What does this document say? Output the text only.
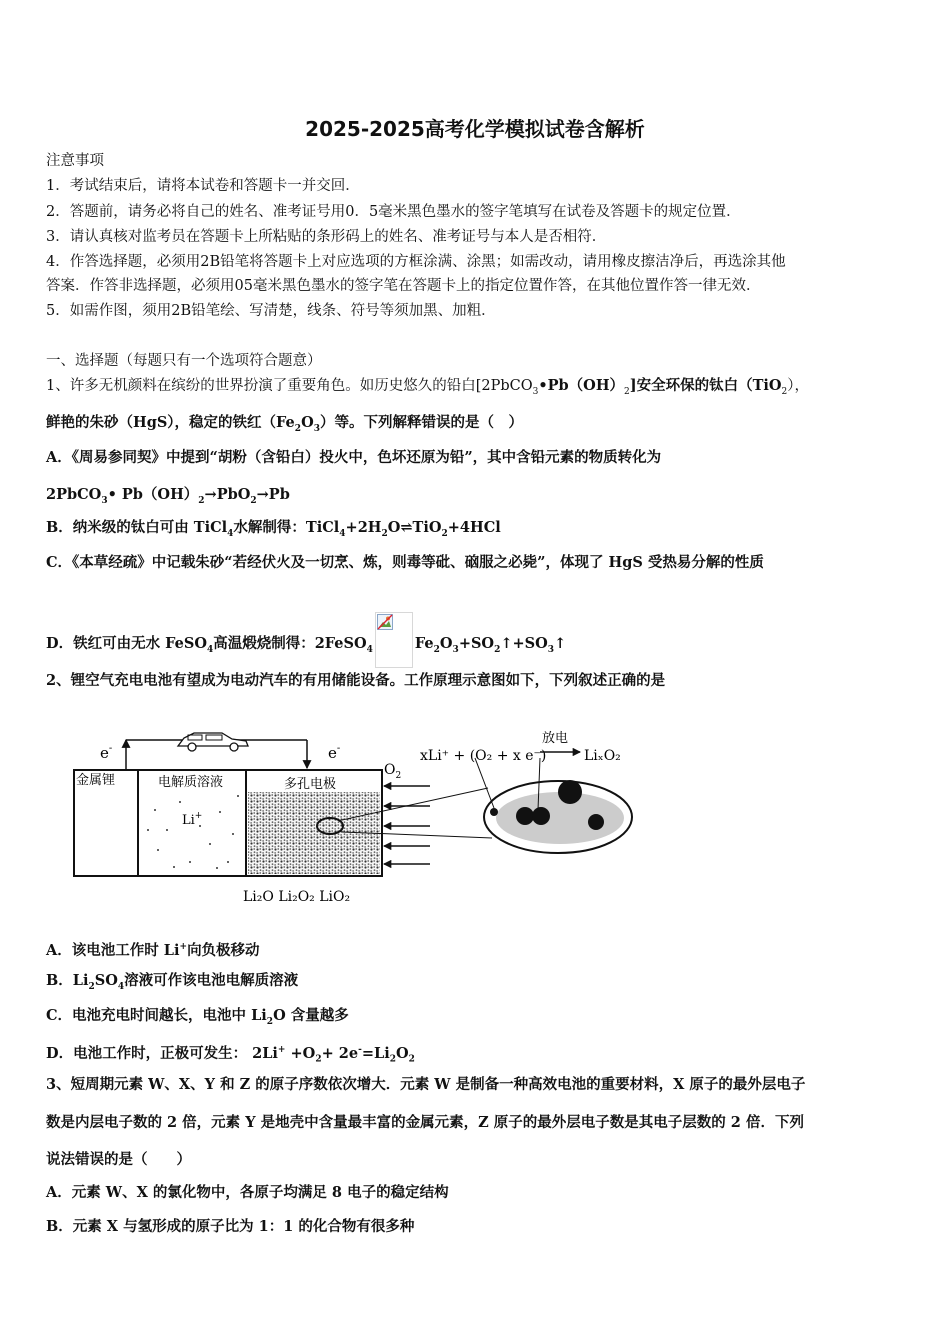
2025-2025高考化学模拟试卷含解析
注意事项
1．考试结束后，请将本试卷和答题卡一并交回．
2．答题前，请务必将自己的姓名、准考证号用0．5毫米黑色墨水的签字笔填写在试卷及答题卡的规定位置．
3．请认真核对监考员在答题卡上所粘贴的条形码上的姓名、准考证号与本人是否相符．
4．作答选择题，必须用2B铅笔将答题卡上对应选项的方框涂满、涂黑；如需改动，请用橡皮擦洁净后，再选涂其他
答案．作答非选择题，必须用05毫米黑色墨水的签字笔在答题卡上的指定位置作答，在其他位置作答一律无效．
5．如需作图，须用2B铅笔绘、写清楚，线条、符号等须加黑、加粗．
一、选择题（每题只有一个选项符合题意）
1、许多无机颜料在缤纷的世界扮演了重要角色。如历史悠久的铅白$[2PbCO_3•Pb(OH)_2]$安全环保的钛白（TiO$_2$），
鲜艳的朱砂（HgS），稳定的铁红$(Fe_2O_3)$等。下列解释错误的是（　）
A．《周易参同契》中提到“胡粉（含铅白）投火中，色坏还原为铅”，其中含铅元素的物质转化为
2PbCO$_3$• $Pb(OH)_2\to PbO_2\to Pb$
B．纳米级的钛白可由 TiCl$_4$水解制得：$TiCl_4+2H_2O\rightleftharpoons TiO_2+4HCl$
C．《本草经疏》中记载朱砂“若经伏火及一切烹、炼，则毒等砒、硇服之必毙”，体现了 HgS 受热易分解的性质
D．铁红可由无水 FeSO$_4$高温煅烧制得：2FeSO$_4$	$Fe_2O_3+SO_2↑+SO_3↑$
2、锂空气充电电池有望成为电动汽车的有用储能设备。工作原理示意图如下，下列叙述正确的是
e-	e-
金属锂	电解质溶液
Li+
多孔电极
$O_2$
Li₂O Li₂O₂ LiO₂
xLi⁺ + (O₂ + x e⁻)
放电
LiₓO₂
A．该电池工作时 Li+向负极移动
B．$Li_2SO_4$溶液可作该电池电解质溶液
C．电池充电时间越长，电池中 $Li_2O$ 含量越多
D．电池工作时，正极可发生： $2Li^+ +O_2+ 2e^-=Li_2O_2$
3、短周期元素 W、X、Y 和 Z 的原子序数依次增大．元素 W 是制备一种高效电池的重要材料，X 原子的最外层电子
数是内层电子数的 2 倍，元素 Y 是地壳中含量最丰富的金属元素，Z 原子的最外层电子数是其电子层数的 2 倍．下列
说法错误的是（　　）
A．元素 W、X 的氯化物中，各原子均满足 8 电子的稳定结构
B．元素 X 与氢形成的原子比为 1：1 的化合物有很多种
